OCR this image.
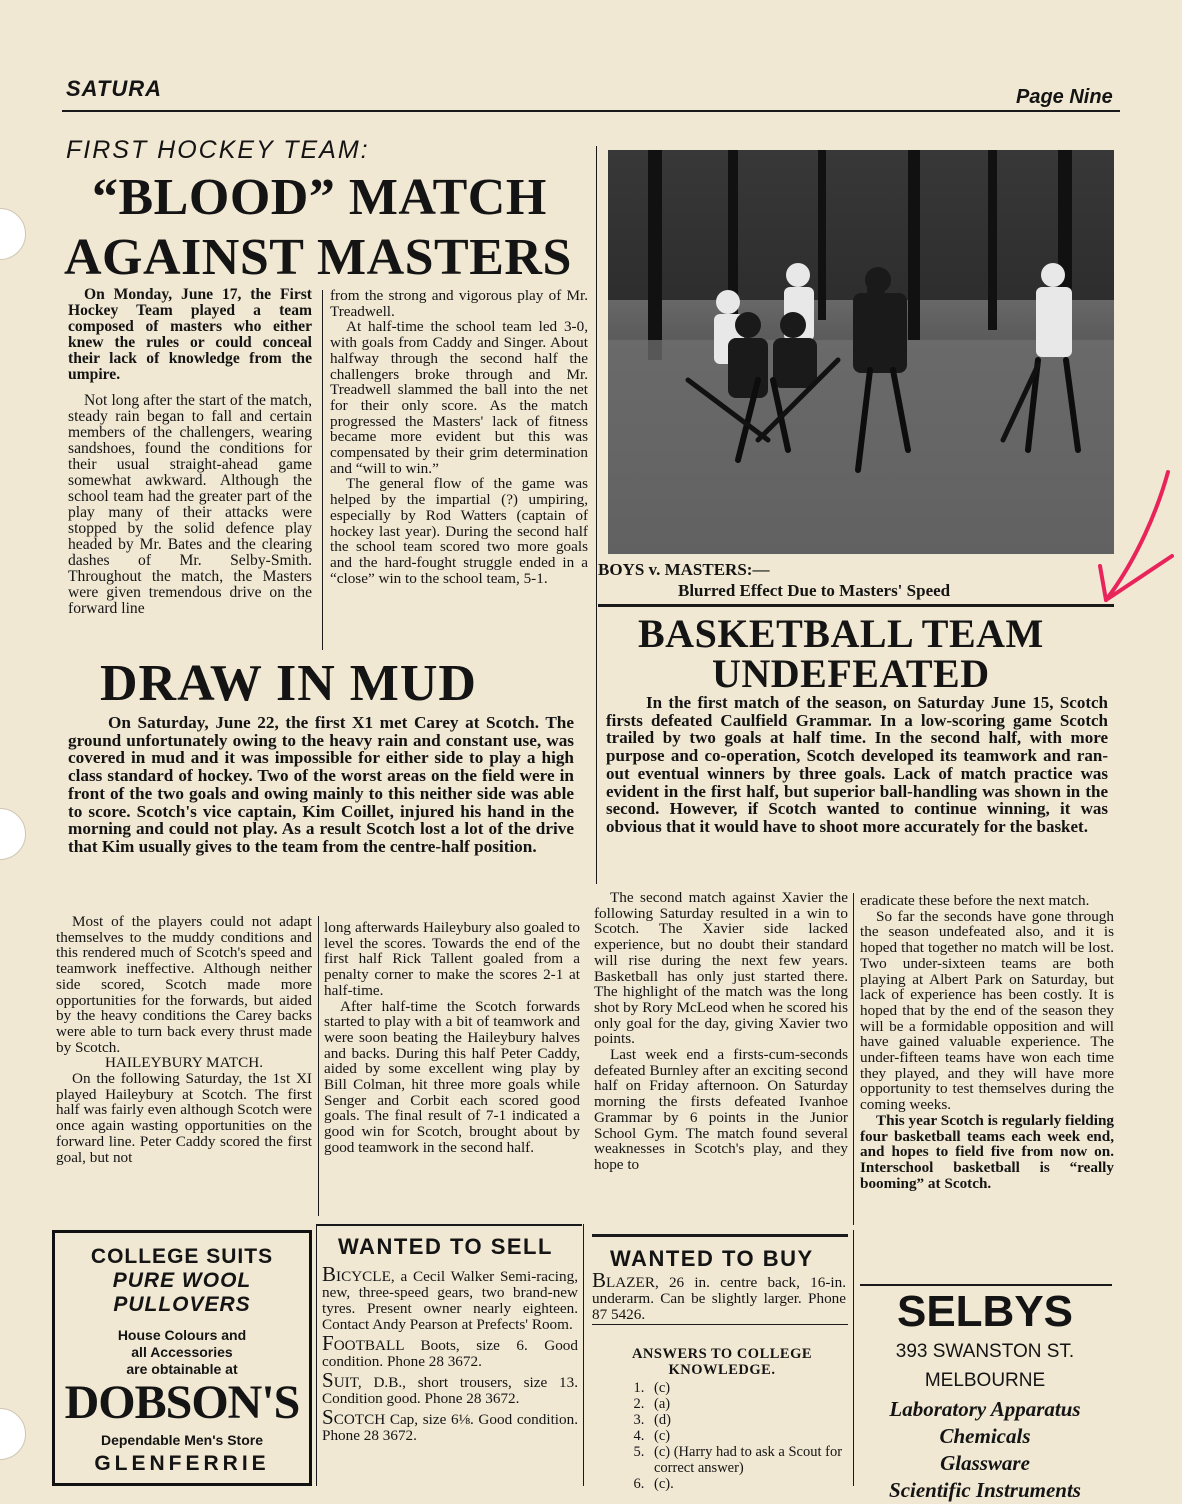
SATURA	Page Nine
FIRST HOCKEY TEAM:
“BLOOD” MATCH
AGAINST MASTERS

On Monday, June 17, the First Hockey Team played a team composed of masters who either knew the rules or could conceal their lack of knowledge from the umpire.

Not long after the start of the match, steady rain began to fall and certain members of the challengers, wearing sandshoes, found the conditions for their usual straight-ahead game somewhat awkward. Although the school team had the greater part of the play many of their attacks were stopped by the solid defence play headed by Mr. Bates and the clearing dashes of Mr. Selby-Smith. Throughout the match, the Masters were given tremendous drive on the forward line

from the strong and vigorous play of Mr. Treadwell.

At half-time the school team led 3-0, with goals from Caddy and Singer. About halfway through the second half the challengers broke through and Mr. Treadwell slammed the ball into the net for their only score. As the match progressed the Masters' lack of fitness became more evident but this was compensated by their grim determination and “will to win.”

The general flow of the game was helped by the impartial (?) umpiring, especially by Rod Watters (captain of hockey last year). During the second half the school team scored two more goals and the hard-fought struggle ended in a “close” win to the school team, 5-1.

DRAW IN MUD

On Saturday, June 22, the first X1 met Carey at Scotch. The ground unfortunately owing to the heavy rain and constant use, was covered in mud and it was impossible for either side to play a high class standard of hockey. Two of the worst areas on the field were in front of the two goals and owing mainly to this neither side was able to score. Scotch's vice captain, Kim Coillet, injured his hand in the morning and could not play. As a result Scotch lost a lot of the drive that Kim usually gives to the team from the centre-half position.

Most of the players could not adapt themselves to the muddy conditions and this rendered much of Scotch's speed and teamwork ineffective. Although neither side scored, Scotch made more opportunities for the forwards, but aided by the heavy conditions the Carey backs were able to turn back every thrust made by Scotch.

HAILEYBURY MATCH.

On the following Saturday, the 1st XI played Haileybury at Scotch. The first half was fairly even although Scotch were once again wasting opportunities on the forward line. Peter Caddy scored the first goal, but not

long afterwards Haileybury also goaled to level the scores. Towards the end of the first half Rick Tallent goaled from a penalty corner to make the scores 2-1 at half-time.

After half-time the Scotch forwards started to play with a bit of teamwork and were soon beating the Haileybury halves and backs. During this half Peter Caddy, aided by some excellent wing play by Bill Colman, hit three more goals while Senger and Corbit each scored good goals. The final result of 7-1 indicated a good win for Scotch, brought about by good teamwork in the second half.

BOYS v. MASTERS:—
Blurred Effect Due to Masters' Speed
BASKETBALL TEAM
UNDEFEATED

In the first match of the season, on Saturday June 15, Scotch firsts defeated Caulfield Grammar. In a low-scoring game Scotch trailed by two goals at half time. In the second half, with more purpose and co-operation, Scotch developed its teamwork and ran-out eventual winners by three goals. Lack of match practice was evident in the first half, but superior ball-handling was shown in the second. However, if Scotch wanted to continue winning, it was obvious that it would have to shoot more accurately for the basket.

The second match against Xavier the following Saturday resulted in a win to Scotch. The Xavier side lacked experience, but no doubt their standard will rise during the next few years. Basketball has only just started there. The highlight of the match was the long shot by Rory McLeod when he scored his only goal for the day, giving Xavier two points.

Last week end a firsts-cum-seconds defeated Burnley after an exciting second half on Friday afternoon. On Saturday morning the firsts defeated Ivanhoe Grammar by 6 points in the Junior School Gym. The match found several weaknesses in Scotch's play, and they hope to

eradicate these before the next match.

So far the seconds have gone through the season undefeated also, and it is hoped that together no match will be lost. Two under-sixteen teams are both playing at Albert Park on Saturday, but lack of experience has been costly. It is hoped that by the end of the season they will be a formidable opposition and will have gained valuable experience. The under-fifteen teams have won each time they played, and they will have more opportunity to test themselves during the coming weeks.

This year Scotch is regularly fielding four basketball teams each week end, and hopes to field five from now on. Interschool basketball is “really booming” at Scotch.

COLLEGE SUITS
PURE WOOL
PULLOVERS
House Colours and
all Accessories
are obtainable at
DOBSON'S
Dependable Men's Store
GLENFERRIE
WANTED TO SELL

BICYCLE, a Cecil Walker Semi-racing, new, three-speed gears, two brand-new tyres. Present owner nearly eighteen. Contact Andy Pearson at Prefects' Room.

FOOTBALL Boots, size 6. Good condition. Phone 28 3672.

SUIT, D.B., short trousers, size 13. Condition good. Phone 28 3672.

SCOTCH Cap, size 6⅛. Good condition. Phone 28 3672.

WANTED TO BUY

BLAZER, 26 in. centre back, 16-in. underarm. Can be slightly larger. Phone 87 5426.

ANSWERS TO COLLEGE
KNOWLEDGE.
1. (c)
2. (a)
3. (d)
4. (c)
5. (c) (Harry had to ask a Scout for correct answer)
6. (c).
SELBYS
393 SWANSTON ST.
MELBOURNE
Laboratory Apparatus
Chemicals
Glassware
Scientific Instruments
